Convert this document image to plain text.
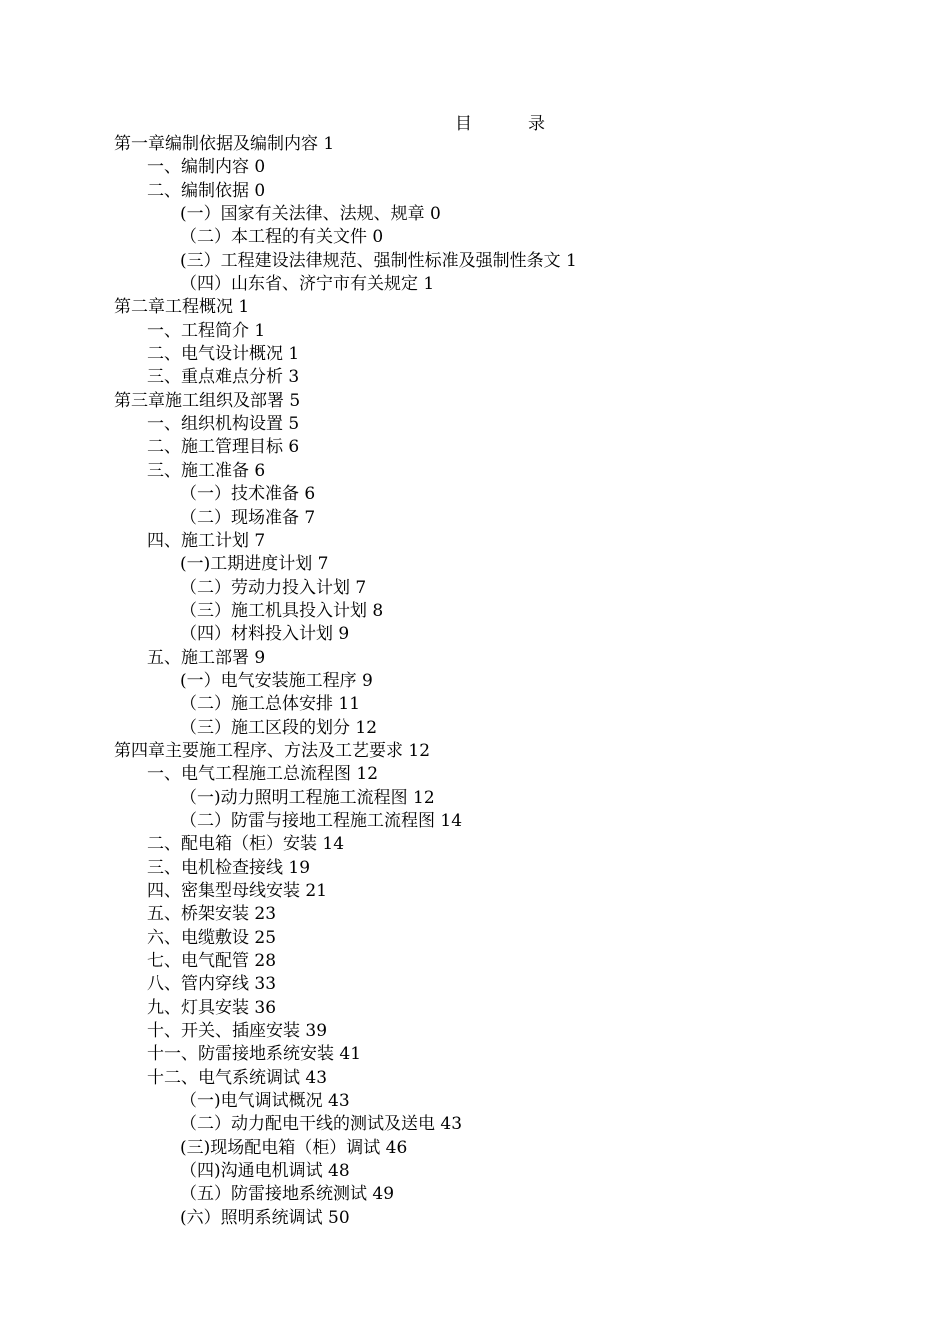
目	录
第一章编制依据及编制内容 1
一、编制内容 0
二、编制依据 0
(一）国家有关法律、法规、规章 0
（二）本工程的有关文件 0
(三）工程建设法律规范、强制性标准及强制性条文 1
（四）山东省、济宁市有关规定 1
第二章工程概况 1
一、工程简介 1
二、电气设计概况 1
三、重点难点分析 3
第三章施工组织及部署 5
一、组织机构设置 5
二、施工管理目标 6
三、施工准备 6
（一）技术准备 6
（二）现场准备 7
四、施工计划 7
(一)工期进度计划 7
（二）劳动力投入计划 7
（三）施工机具投入计划 8
（四）材料投入计划 9
五、施工部署 9
(一）电气安装施工程序 9
（二）施工总体安排 11
（三）施工区段的划分 12
第四章主要施工程序、方法及工艺要求 12
一、电气工程施工总流程图 12
（一)动力照明工程施工流程图 12
（二）防雷与接地工程施工流程图 14
二、配电箱（柜）安装 14
三、电机检查接线 19
四、密集型母线安装 21
五、桥架安装 23
六、电缆敷设 25
七、电气配管 28
八、管内穿线 33
九、灯具安装 36
十、开关、插座安装 39
十一、防雷接地系统安装 41
十二、电气系统调试 43
（一)电气调试概况 43
（二）动力配电干线的测试及送电 43
(三)现场配电箱（柜）调试 46
（四)沟通电机调试 48
（五）防雷接地系统测试 49
(六）照明系统调试 50
